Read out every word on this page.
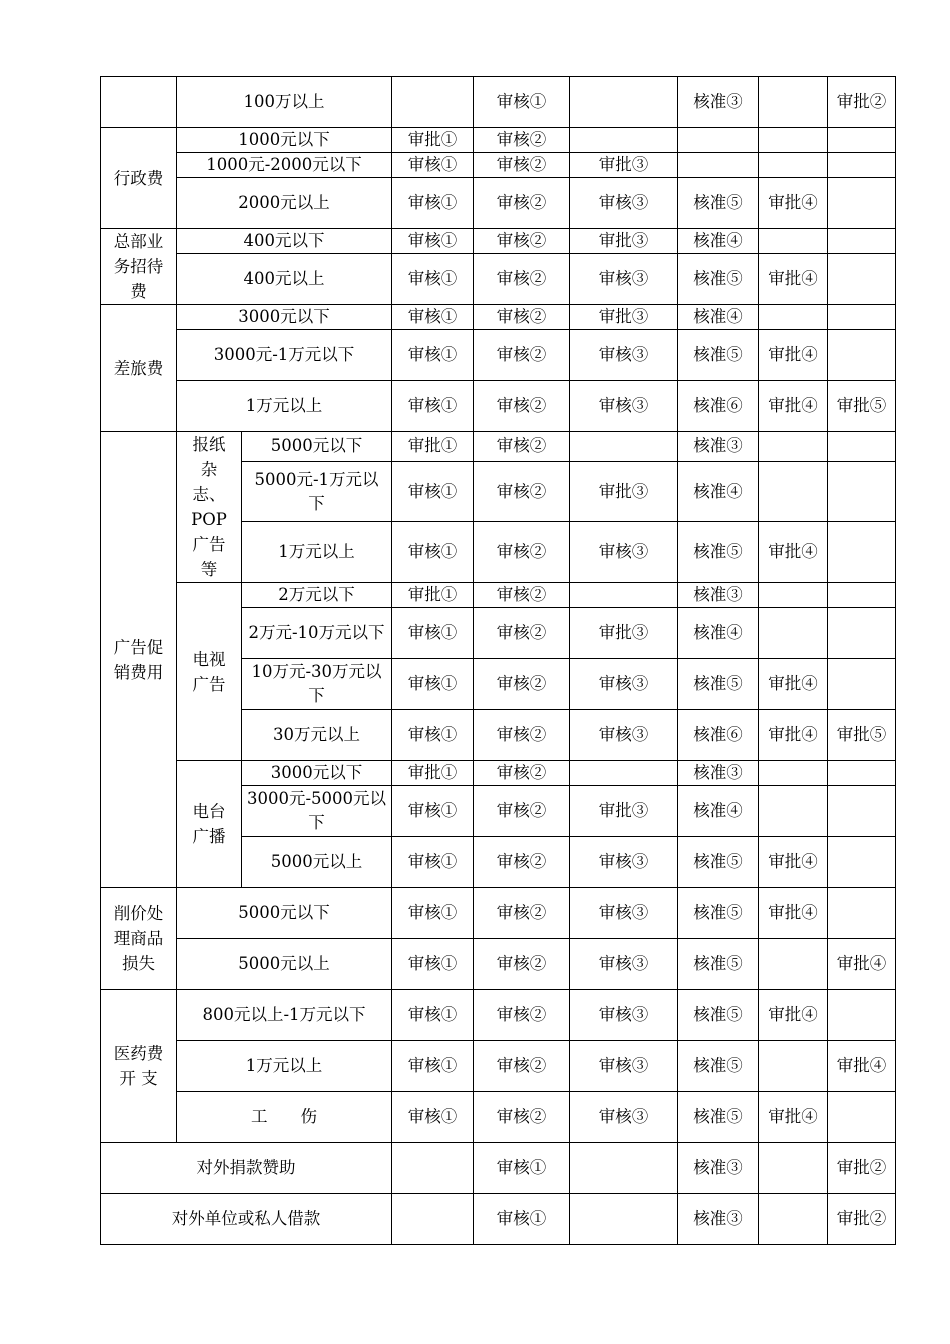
	100万以上			审核①		核准③		审批②
行政费	1000元以下		审批①	审核②				
	1000元-2000元以下		审核①	审核②	审批③			
	2000元以上		审核①	审核②	审核③	核准⑤	审批④	
总部业务招待费	400元以下		审核①	审核②	审批③	核准④		
	400元以上		审核①	审核②	审核③	核准⑤	审批④	
差旅费	3000元以下		审核①	审核②	审批③	核准④		
	3000元-1万元以下		审核①	审核②	审核③	核准⑤	审批④	
	1万元以上		审核①	审核②	审核③	核准⑥	审批④	审批⑤
广告促销费用	报纸杂志、POP广告等	5000元以下	审批①	审核②		核准③		
		5000元-1万元以下	审核①	审核②	审批③	核准④		
		1万元以上	审核①	审核②	审核③	核准⑤	审批④	
	电视广告	2万元以下	审批①	审核②		核准③		
		2万元-10万元以下	审核①	审核②	审批③	核准④		
		10万元-30万元以下	审核①	审核②	审核③	核准⑤	审批④	
		30万元以上	审核①	审核②	审核③	核准⑥	审批④	审批⑤
	电台广播	3000元以下	审批①	审核②		核准③		
		3000元-5000元以下	审核①	审核②	审批③	核准④		
		5000元以上	审核①	审核②	审核③	核准⑤	审批④	
削价处理商品损失	5000元以下		审核①	审核②	审核③	核准⑤	审批④	
	5000元以上		审核①	审核②	审核③	核准⑤		审批④
医药费开 支	800元以上-1万元以下		审核①	审核②	审核③	核准⑤	审批④	
	1万元以上		审核①	审核②	审核③	核准⑤		审批④
	工　　伤		审核①	审核②	审核③	核准⑤	审批④	
对外捐款赞助				审核①		核准③		审批②
对外单位或私人借款				审核①		核准③		审批②
